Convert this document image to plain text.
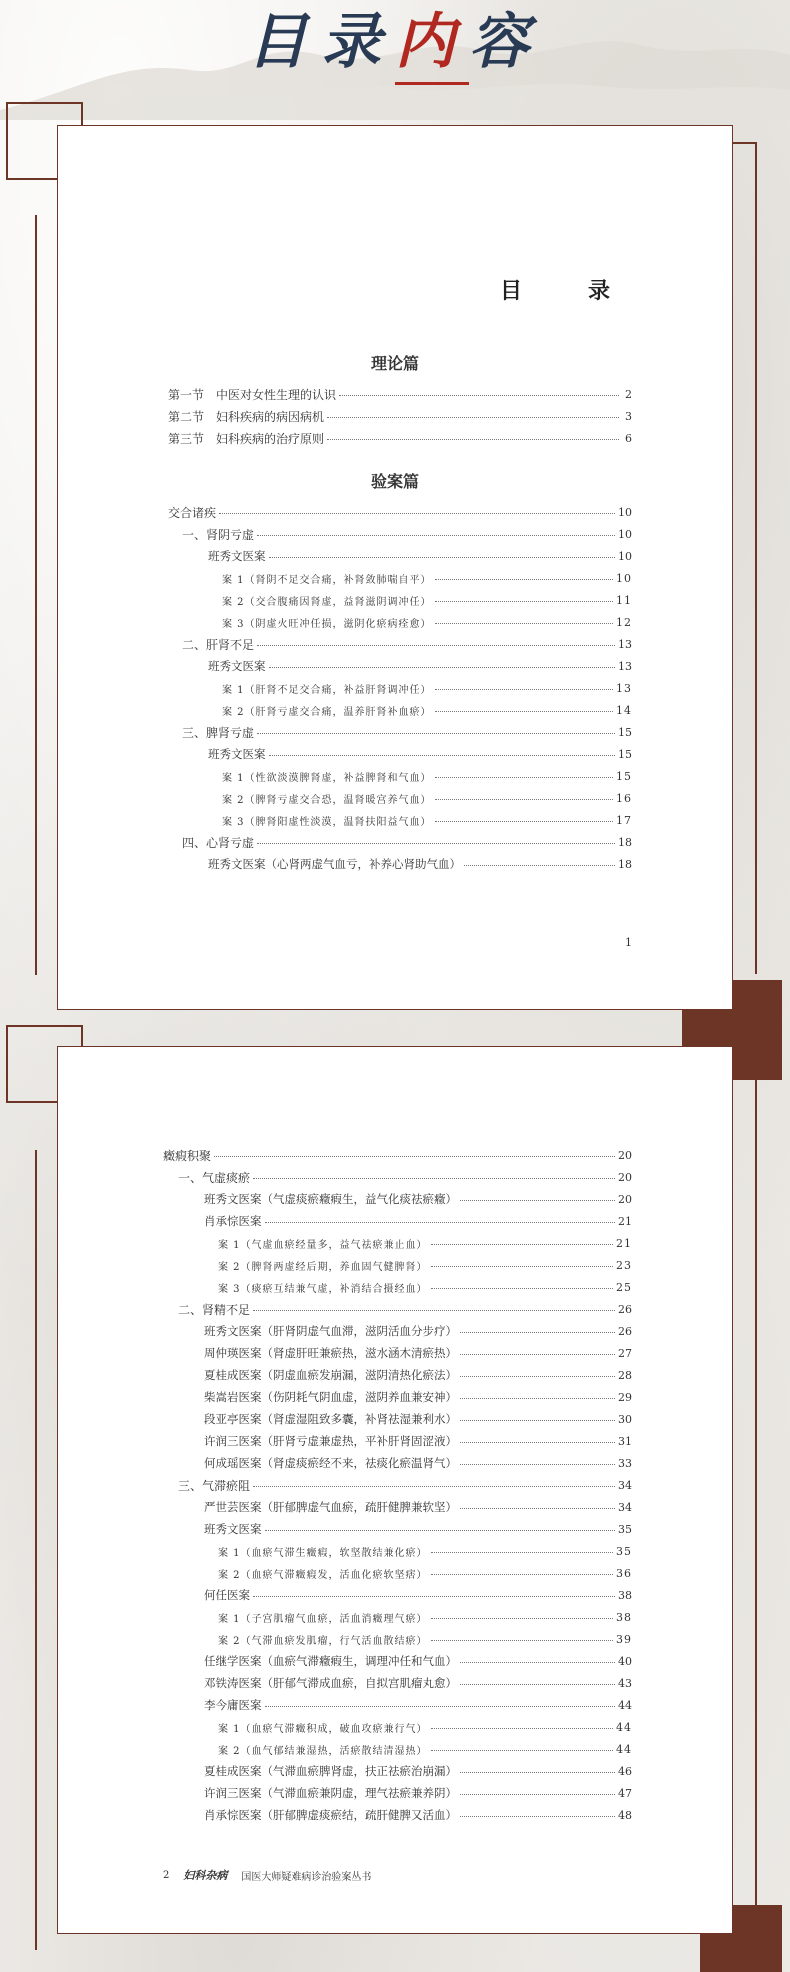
目录内容
目　录
理论篇
第一节　中医对女性生理的认识	2
第二节　妇科疾病的病因病机	3
第三节　妇科疾病的治疗原则	6
验案篇
交合诸疾	10
一、肾阴亏虚	10
班秀文医案	10
案 1（肾阴不足交合痛，补肾敛肺喘自平）	10
案 2（交合腹痛因肾虚，益肾滋阴调冲任）	11
案 3（阴虚火旺冲任损，滋阴化瘀病痊愈）	12
二、肝肾不足	13
班秀文医案	13
案 1（肝肾不足交合痛，补益肝肾调冲任）	13
案 2（肝肾亏虚交合痛，温养肝肾补血瘀）	14
三、脾肾亏虚	15
班秀文医案	15
案 1（性欲淡漠脾肾虚，补益脾肾和气血）	15
案 2（脾肾亏虚交合恐，温肾暖宫养气血）	16
案 3（脾肾阳虚性淡漠，温肾扶阳益气血）	17
四、心肾亏虚	18
班秀文医案（心肾两虚气血亏，补养心肾助气血）	18
1
癥瘕积聚	20
一、气虚痰瘀	20
班秀文医案（气虚痰瘀癥瘕生，益气化痰祛瘀癥）	20
肖承悰医案	21
案 1（气虚血瘀经量多，益气祛瘀兼止血）	21
案 2（脾肾两虚经后期，养血固气健脾肾）	23
案 3（痰瘀互结兼气虚，补消结合摄经血）	25
二、肾精不足	26
班秀文医案（肝肾阴虚气血滞，滋阴活血分步疗）	26
周仲瑛医案（肾虚肝旺兼瘀热，滋水涵木清瘀热）	27
夏桂成医案（阴虚血瘀发崩漏，滋阴清热化瘀法）	28
柴嵩岩医案（伤阴耗气阴血虚，滋阴养血兼安神）	29
段亚亭医案（肾虚湿阻致多囊，补肾祛湿兼利水）	30
许润三医案（肝肾亏虚兼虚热，平补肝肾固涩液）	31
何成瑶医案（肾虚痰瘀经不来，祛痰化瘀温肾气）	33
三、气滞瘀阻	34
严世芸医案（肝郁脾虚气血瘀，疏肝健脾兼软坚）	34
班秀文医案	35
案 1（血瘀气滞生癥瘕，软坚散结兼化瘀）	35
案 2（血瘀气滞癥瘕发，活血化瘀软坚痞）	36
何任医案	38
案 1（子宫肌瘤气血瘀，活血消癥理气瘀）	38
案 2（气滞血瘀发肌瘤，行气活血散结瘀）	39
任继学医案（血瘀气滞癥瘕生，调理冲任和气血）	40
邓铁涛医案（肝郁气滞成血瘀，自拟宫肌瘤丸愈）	43
李今庸医案	44
案 1（血瘀气滞癥积成，破血攻瘀兼行气）	44
案 2（血气郁结兼湿热，活瘀散结清湿热）	44
夏桂成医案（气滞血瘀脾肾虚，扶正祛瘀治崩漏）	46
许润三医案（气滞血瘀兼阴虚，理气祛瘀兼养阴）	47
肖承悰医案（肝郁脾虚痰瘀结，疏肝健脾又活血）	48
2 妇科杂病 国医大师疑难病诊治验案丛书
